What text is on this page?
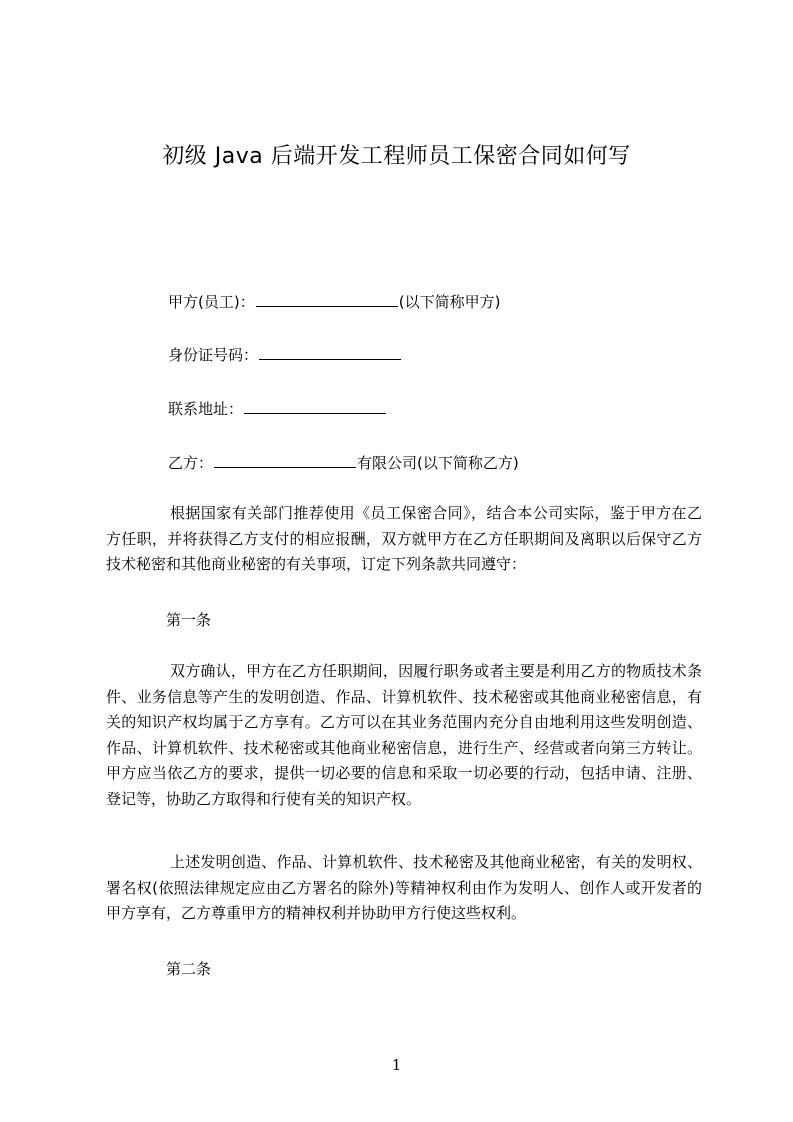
初级 Java 后端开发工程师员工保密合同如何写
甲方(员工)：	(以下简称甲方)
身份证号码：
联系地址：
乙方：	有限公司(以下简称乙方)

根据国家有关部门推荐使用《员工保密合同》，结合本公司实际，鉴于甲方在乙方任职，并将获得乙方支付的相应报酬，双方就甲方在乙方任职期间及离职以后保守乙方技术秘密和其他商业秘密的有关事项，订定下列条款共同遵守：

第一条

双方确认，甲方在乙方任职期间，因履行职务或者主要是利用乙方的物质技术条件、业务信息等产生的发明创造、作品、计算机软件、技术秘密或其他商业秘密信息，有关的知识产权均属于乙方享有。乙方可以在其业务范围内充分自由地利用这些发明创造、作品、计算机软件、技术秘密或其他商业秘密信息，进行生产、经营或者向第三方转让。甲方应当依乙方的要求，提供一切必要的信息和采取一切必要的行动，包括申请、注册、登记等，协助乙方取得和行使有关的知识产权。

上述发明创造、作品、计算机软件、技术秘密及其他商业秘密，有关的发明权、署名权(依照法律规定应由乙方署名的除外)等精神权利由作为发明人、创作人或开发者的甲方享有，乙方尊重甲方的精神权利并协助甲方行使这些权利。

第二条
1
